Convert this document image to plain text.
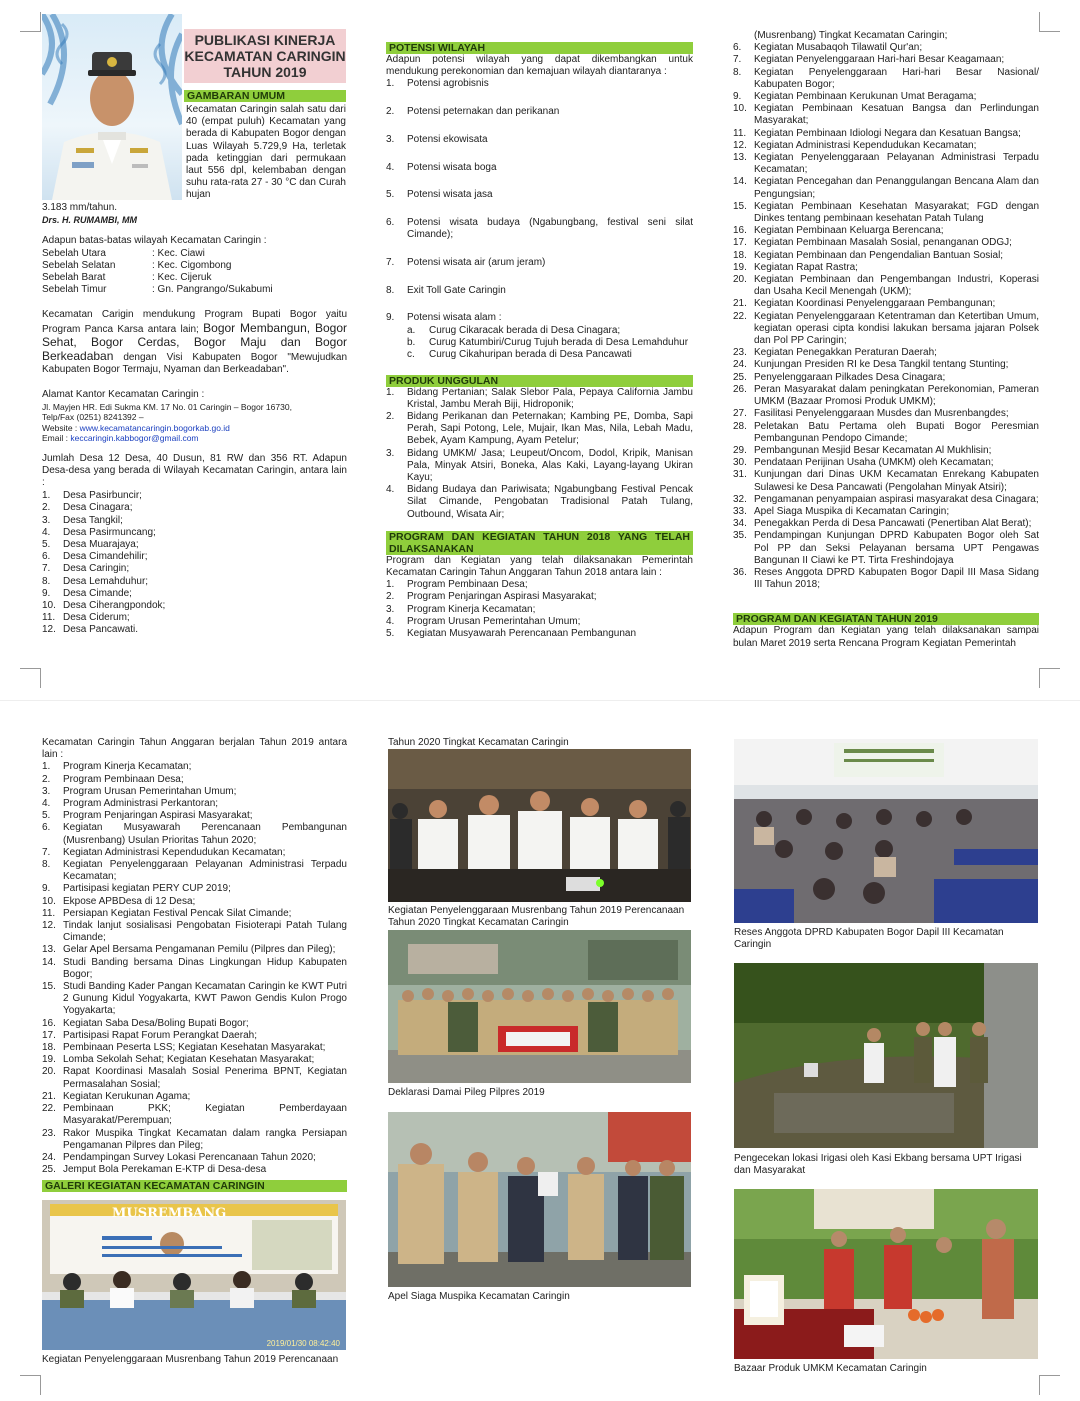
PUBLIKASI KINERJA KECAMATAN CARINGIN TAHUN 2019
GAMBARAN UMUM
Kecamatan Caringin salah satu dari 40 (empat puluh) Kecamatan yang berada di Kabupaten Bogor dengan Luas Wilayah 5.729,9 Ha, terletak pada ketinggian dari permukaan laut 556 dpl, kelembaban dengan suhu rata-rata 27 - 30 °C dan Curah hujan
3.183 mm/tahun.
Drs. H. RUMAMBI, MM
Adapun batas-batas wilayah Kecamatan Caringin :
Sebelah Utara	: Kec. Ciawi
Sebelah Selatan	: Kec. Cigombong
Sebelah Barat	: Kec. Cijeruk
Sebelah Timur	: Gn. Pangrango/Sukabumi
Kecamatan Carigin mendukung Program Bupati Bogor yaitu Program Panca Karsa antara lain; Bogor Membangun, Bogor Sehat, Bogor Cerdas, Bogor Maju dan Bogor Berkeadaban dengan Visi Kabupaten Bogor "Mewujudkan Kabupaten Bogor Termaju, Nyaman dan Berkeadaban".
Alamat Kantor Kecamatan Caringin :
Jl. Mayjen HR. Edi Sukma KM. 17 No. 01 Caringin – Bogor 16730,
Telp/Fax (0251) 8241392 –
Website : www.kecamatancaringin.bogorkab.go.id
Email : keccaringin.kabbogor@gmail.com
Jumlah Desa 12 Desa, 40 Dusun, 81 RW dan 356 RT. Adapun Desa-desa yang berada di Wilayah Kecamatan Caringin, antara lain :
1. Desa Pasirbuncir;
2. Desa Cinagara;
3. Desa Tangkil;
4. Desa Pasirmuncang;
5. Desa Muarajaya;
6. Desa Cimandehilir;
7. Desa Caringin;
8. Desa Lemahduhur;
9. Desa Cimande;
10. Desa Ciherangpondok;
11. Desa Ciderum;
12. Desa Pancawati.
POTENSI WILAYAH
Adapun potensi wilayah yang dapat dikembangkan untuk mendukung perekonomian dan kemajuan wilayah diantaranya :
1. Potensi agrobisnis
2. Potensi peternakan dan perikanan
3. Potensi ekowisata
4. Potensi wisata boga
5. Potensi wisata jasa
6. Potensi wisata budaya (Ngabungbang, festival seni silat Cimande);
7. Potensi wisata air (arum jeram)
8. Exit Toll Gate Caringin
9. Potensi wisata alam :
a. Curug Cikaracak berada di Desa Cinagara;
b. Curug Katumbiri/Curug Tujuh berada di Desa Lemahduhur
c. Curug Cikahuripan berada di Desa Pancawati
PRODUK UNGGULAN
1. Bidang Pertanian; Salak Slebor Pala, Pepaya California Jambu Kristal, Jambu Merah Biji, Hidroponik;
2. Bidang Perikanan dan Peternakan; Kambing PE, Domba, Sapi Perah, Sapi Potong, Lele, Mujair, Ikan Mas, Nila, Lebah Madu, Bebek, Ayam Kampung, Ayam Petelur;
3. Bidang UMKM/ Jasa; Leupeut/Oncom, Dodol, Kripik, Manisan Pala, Minyak Atsiri, Boneka, Alas Kaki, Layang-layang Ukiran Kayu;
4. Bidang Budaya dan Pariwisata; Ngabungbang Festival Pencak Silat Cimande, Pengobatan Tradisional Patah Tulang, Outbound, Wisata Air;
PROGRAM DAN KEGIATAN TAHUN 2018 YANG TELAH DILAKSANAKAN
Program dan Kegiatan yang telah dilaksanakan Pemerintah Kecamatan Caringin Tahun Anggaran Tahun 2018 antara lain :
1. Program Pembinaan Desa;
2. Program Penjaringan Aspirasi Masyarakat;
3. Program Kinerja Kecamatan;
4. Program Urusan Pemerintahan Umum;
5. Kegiatan Musyawarah Perencanaan Pembangunan
(Musrenbang) Tingkat Kecamatan Caringin;
6. Kegiatan Musabaqoh Tilawatil Qur'an;
7. Kegiatan Penyelenggaraan Hari-hari Besar Keagamaan;
8. Kegiatan Penyelenggaraan Hari-hari Besar Nasional/ Kabupaten Bogor;
9. Kegiatan Pembinaan Kerukunan Umat Beragama;
10. Kegiatan Pembinaan Kesatuan Bangsa dan Perlindungan Masyarakat;
11. Kegiatan Pembinaan Idiologi Negara dan Kesatuan Bangsa;
12. Kegiatan Administrasi Kependudukan Kecamatan;
13. Kegiatan Penyelenggaraan Pelayanan Administrasi Terpadu Kecamatan;
14. Kegiatan Pencegahan dan Penanggulangan Bencana Alam dan Pengungsian;
15. Kegiatan Pembinaan Kesehatan Masyarakat; FGD dengan Dinkes tentang pembinaan kesehatan Patah Tulang
16. Kegiatan Pembinaan Keluarga Berencana;
17. Kegiatan Pembinaan Masalah Sosial, penanganan ODGJ;
18. Kegiatan Pembinaan dan Pengendalian Bantuan Sosial;
19. Kegiatan Rapat Rastra;
20. Kegiatan Pembinaan dan Pengembangan Industri, Koperasi dan Usaha Kecil Menengah (UKM);
21. Kegiatan Koordinasi Penyelenggaraan Pembangunan;
22. Kegiatan Penyelenggaraan Ketentraman dan Ketertiban Umum, kegiatan operasi cipta kondisi lakukan bersama jajaran Polsek dan Pol PP Caringin;
23. Kegiatan Penegakkan Peraturan Daerah;
24. Kunjungan Presiden RI ke Desa Tangkil tentang Stunting;
25. Penyelenggaraan Pilkades Desa Cinagara;
26. Peran Masyarakat dalam peningkatan Perekonomian, Pameran UMKM (Bazaar Promosi Produk UMKM);
27. Fasilitasi Penyelenggaraan Musdes dan Musrenbangdes;
28. Peletakan Batu Pertama oleh Bupati Bogor Peresmian Pembangunan Pendopo Cimande;
29. Pembangunan Mesjid Besar Kecamatan Al Mukhlisin;
30. Pendataan Perijinan Usaha (UMKM) oleh Kecamatan;
31. Kunjungan dari Dinas UKM Kecamatan Enrekang Kabupaten Sulawesi ke Desa Pancawati (Pengolahan Minyak Atsiri);
32. Pengamanan penyampaian aspirasi masyarakat desa Cinagara;
33. Apel Siaga Muspika di Kecamatan Caringin;
34. Penegakkan Perda di Desa Pancawati (Penertiban Alat Berat);
35. Pendampingan Kunjungan DPRD Kabupaten Bogor oleh Sat Pol PP dan Seksi Pelayanan bersama UPT Pengawas Bangunan II Ciawi ke PT. Tirta Freshindojaya
36. Reses Anggota DPRD Kabupaten Bogor Dapil III Masa Sidang III Tahun 2018;
PROGRAM DAN KEGIATAN TAHUN 2019
Adapun Program dan Kegiatan yang telah dilaksanakan sampai bulan Maret 2019 serta Rencana Program Kegiatan Pemerintah
Kecamatan Caringin Tahun Anggaran berjalan Tahun 2019 antara lain :
1. Program Kinerja Kecamatan;
2. Program Pembinaan Desa;
3. Program Urusan Pemerintahan Umum;
4. Program Administrasi Perkantoran;
5. Program Penjaringan Aspirasi Masyarakat;
6. Kegiatan Musyawarah Perencanaan Pembangunan (Musrenbang) Usulan Prioritas Tahun 2020;
7. Kegiatan Administrasi Kependudukan Kecamatan;
8. Kegiatan Penyelenggaraan Pelayanan Administrasi Terpadu Kecamatan;
9. Partisipasi kegiatan PERY CUP 2019;
10. Ekpose APBDesa di 12 Desa;
11. Persiapan Kegiatan Festival Pencak Silat Cimande;
12. Tindak lanjut sosialisasi Pengobatan Fisioterapi Patah Tulang Cimande;
13. Gelar Apel Bersama Pengamanan Pemilu (Pilpres dan Pileg);
14. Studi Banding bersama Dinas Lingkungan Hidup Kabupaten Bogor;
15. Studi Banding Kader Pangan Kecamatan Caringin ke KWT Putri 2 Gunung Kidul Yogyakarta, KWT Pawon Gendis Kulon Progo Yogyakarta;
16. Kegiatan Saba Desa/Boling Bupati Bogor;
17. Partisipasi Rapat Forum Perangkat Daerah;
18. Pembinaan Peserta LSS; Kegiatan Kesehatan Masyarakat;
19. Lomba Sekolah Sehat; Kegiatan Kesehatan Masyarakat;
20. Rapat Koordinasi Masalah Sosial Penerima BPNT, Kegiatan Permasalahan Sosial;
21. Kegiatan Kerukunan Agama;
22. Pembinaan PKK; Kegiatan Pemberdayaan Masyarakat/Perempuan;
23. Rakor Muspika Tingkat Kecamatan dalam rangka Persiapan Pengamanan Pilpres dan Pileg;
24. Pendampingan Survey Lokasi Perencanaan Tahun 2020;
25. Jemput Bola Perekaman E-KTP di Desa-desa
GALERI KEGIATAN KECAMATAN CARINGIN
MUSREMBANG
2019/01/30 08:42:40
Kegiatan Penyelenggaraan Musrenbang Tahun 2019 Perencanaan
Tahun 2020 Tingkat Kecamatan Caringin
Kegiatan Penyelenggaraan Musrenbang Tahun 2019 Perencanaan Tahun 2020 Tingkat Kecamatan Caringin
Deklarasi Damai Pileg Pilpres 2019
Apel Siaga Muspika Kecamatan Caringin
Reses Anggota DPRD Kabupaten Bogor Dapil III Kecamatan Caringin
Pengecekan lokasi Irigasi oleh Kasi Ekbang bersama UPT Irigasi dan Masyarakat
Bazaar Produk UMKM Kecamatan Caringin
